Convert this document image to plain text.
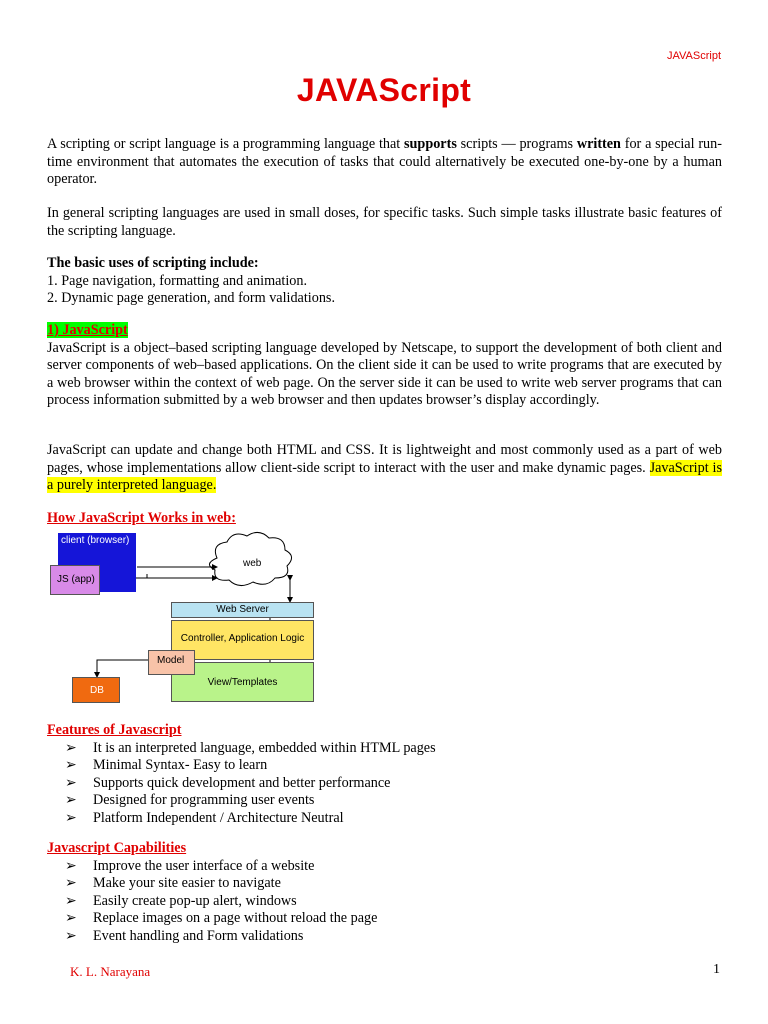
JAVAScript
JAVAScript

A scripting or script language is a programming language that supports scripts — programs written for a special run-time environment that automates the execution of tasks that could alternatively be executed one-by-one by a human operator.

In general scripting languages are used in small doses, for specific tasks. Such simple tasks illustrate basic features of the scripting language.

The basic uses of scripting include:

1. Page navigation, formatting and animation.

2. Dynamic page generation, and form validations.

1) JavaScript

JavaScript is a object–based scripting language developed by Netscape, to support the development of both client and server components of web–based applications. On the client side it can be used to write programs that are executed by a web browser within the context of web page. On the server side it can be used to write web server programs that can process information submitted by a web browser and then updates browser’s display accordingly.

JavaScript can update and change both HTML and CSS. It is lightweight and most commonly used as a part of web pages, whose implementations allow client-side script to interact with the user and make dynamic pages. JavaScript is a purely interpreted language.

How JavaScript Works in web:
client (browser)
JS (app)
web
Web Server
Controller, Application Logic
View/Templates
Model
DB
Features of Javascript
➢ It is an interpreted language, embedded within HTML pages
➢ Minimal Syntax- Easy to learn
➢ Supports quick development and better performance
➢ Designed for programming user events
➢ Platform Independent / Architecture Neutral
Javascript Capabilities
➢ Improve the user interface of a website
➢ Make your site easier to navigate
➢ Easily create pop-up alert, windows
➢ Replace images on a page without reload the page
➢ Event handling and Form validations
K. L. Narayana	1
